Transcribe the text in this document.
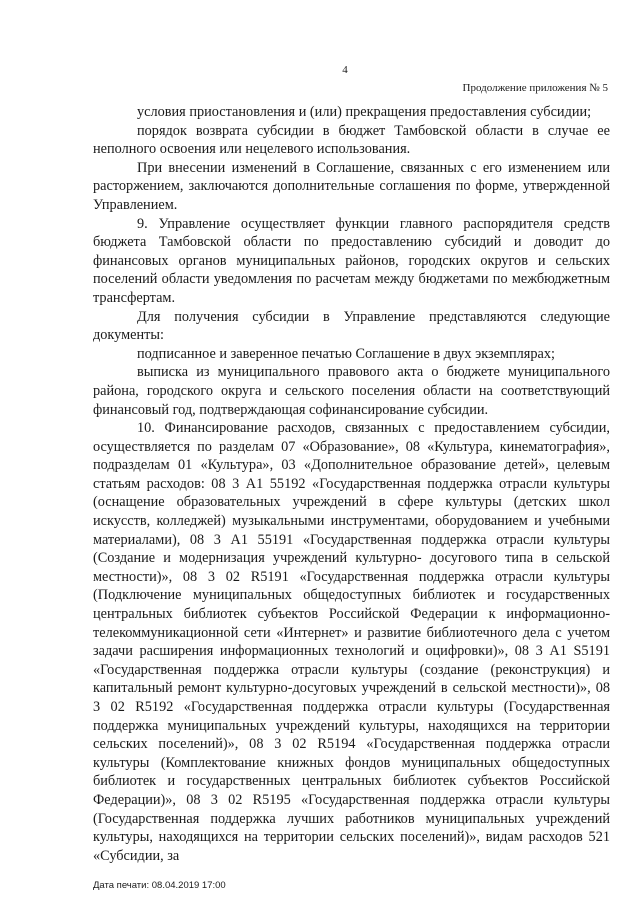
4
Продолжение приложения № 5

условия приостановления и (или) прекращения предоставления субсидии;

порядок возврата субсидии в бюджет Тамбовской области в случае ее неполного освоения или нецелевого использования.

При внесении изменений в Соглашение, связанных с его изменением или расторжением, заключаются дополнительные соглашения по форме, утвержденной Управлением.

9. Управление осуществляет функции главного распорядителя средств бюджета Тамбовской области по предоставлению субсидий и доводит до финансовых органов муниципальных районов, городских округов и сельских поселений области уведомления по расчетам между бюджетами по межбюджетным трансфертам.

Для получения субсидии в Управление представляются следующие документы:

подписанное и заверенное печатью Соглашение в двух экземплярах;

выписка из муниципального правового акта о бюджете муниципального района, городского округа и сельского поселения области на соответствующий финансовый год, подтверждающая софинансирование субсидии.

10. Финансирование расходов, связанных с предоставлением субсидии, осуществляется по разделам 07 «Образование», 08 «Культура, кинематография», подразделам 01 «Культура», 03 «Дополнительное образование детей», целевым статьям расходов: 08 3 A1 55192 «Государственная поддержка отрасли культуры (оснащение образовательных учреждений в сфере культуры (детских школ искусств, колледжей) музыкальными инструментами, оборудованием и учебными материалами), 08 3 A1 55191 «Государственная поддержка отрасли культуры (Создание и модернизация учреждений культурно- досугового типа в сельской местности)», 08 3 02 R5191 «Государственная поддержка отрасли культуры (Подключение муниципальных общедоступных библиотек и государственных центральных библиотек субъектов Российской Федерации к информационно-телекоммуникационной сети «Интернет» и развитие библиотечного дела с учетом задачи расширения информационных технологий и оцифровки)», 08 3 A1 S5191 «Государственная поддержка отрасли культуры (создание (реконструкция) и капитальный ремонт культурно-досуговых учреждений в сельской местности)», 08 3 02 R5192 «Государственная поддержка отрасли культуры (Государственная поддержка муниципальных учреждений культуры, находящихся на территории сельских поселений)», 08 3 02 R5194 «Государственная поддержка отрасли культуры (Комплектование книжных фондов муниципальных общедоступных библиотек и государственных центральных библиотек субъектов Российской Федерации)», 08 3 02 R5195 «Государственная поддержка отрасли культуры (Государственная поддержка лучших работников муниципальных учреждений культуры, находящихся на территории сельских поселений)», видам расходов 521 «Субсидии, за

Дата печати: 08.04.2019 17:00
